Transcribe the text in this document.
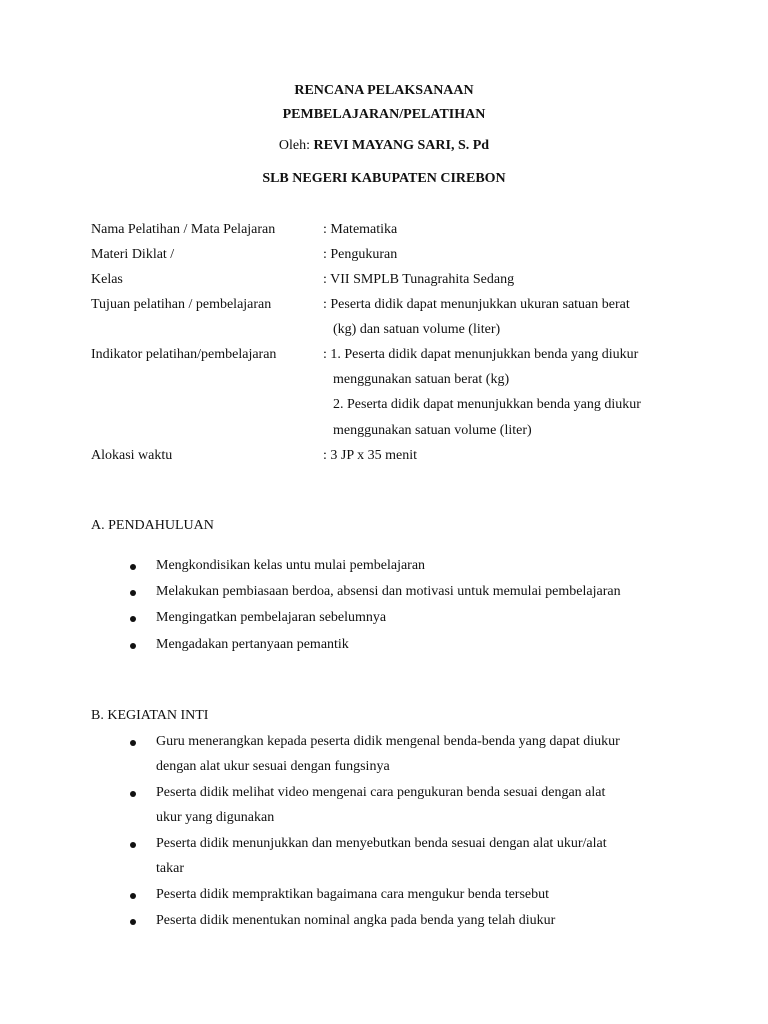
RENCANA PELAKSANAAN
PEMBELAJARAN/PELATIHAN
Oleh: REVI MAYANG SARI, S. Pd
SLB NEGERI KABUPATEN CIREBON
Nama Pelatihan / Mata Pelajaran	: Matematika
Materi Diklat /	: Pengukuran
Kelas	: VII SMPLB Tunagrahita Sedang
Tujuan pelatihan / pembelajaran	: Peserta didik dapat menunjukkan ukuran satuan berat
(kg) dan satuan volume (liter)
Indikator pelatihan/pembelajaran	: 1. Peserta didik dapat menunjukkan benda yang diukur
menggunakan satuan berat (kg)
2. Peserta didik dapat menunjukkan benda yang diukur
menggunakan satuan volume (liter)
Alokasi waktu	: 3 JP x 35 menit
A. PENDAHULUAN
Mengkondisikan kelas untu mulai pembelajaran
Melakukan pembiasaan berdoa, absensi dan motivasi untuk memulai pembelajaran
Mengingatkan pembelajaran sebelumnya
Mengadakan pertanyaan pemantik
B. KEGIATAN INTI
Guru menerangkan kepada peserta didik mengenal benda-benda yang dapat diukur
dengan alat ukur sesuai dengan fungsinya
Peserta didik melihat video mengenai cara pengukuran benda sesuai dengan alat
ukur yang digunakan
Peserta didik menunjukkan dan menyebutkan benda sesuai dengan alat ukur/alat
takar
Peserta didik mempraktikan bagaimana cara mengukur benda tersebut
Peserta didik menentukan nominal angka pada benda yang telah diukur
